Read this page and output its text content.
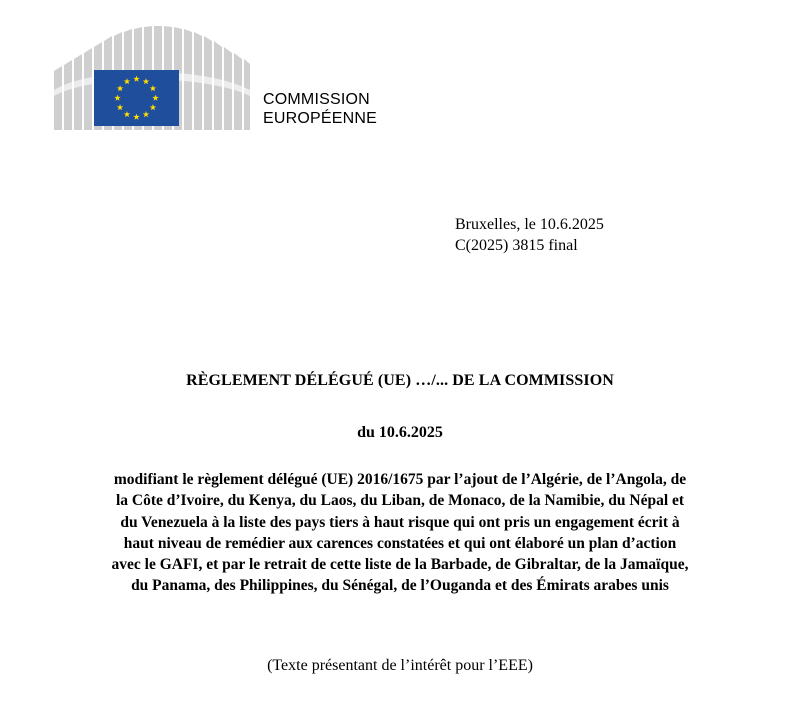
COMMISSION
EUROPÉENNE
Bruxelles, le 10.6.2025
C(2025) 3815 final
RÈGLEMENT DÉLÉGUÉ (UE) …/... DE LA COMMISSION
du 10.6.2025
modifiant le règlement délégué (UE) 2016/1675 par l’ajout de l’Algérie, de l’Angola, de
la Côte d’Ivoire, du Kenya, du Laos, du Liban, de Monaco, de la Namibie, du Népal et
du Venezuela à la liste des pays tiers à haut risque qui ont pris un engagement écrit à
haut niveau de remédier aux carences constatées et qui ont élaboré un plan d’action
avec le GAFI, et par le retrait de cette liste de la Barbade, de Gibraltar, de la Jamaïque,
du Panama, des Philippines, du Sénégal, de l’Ouganda et des Émirats arabes unis
(Texte présentant de l’intérêt pour l’EEE)
